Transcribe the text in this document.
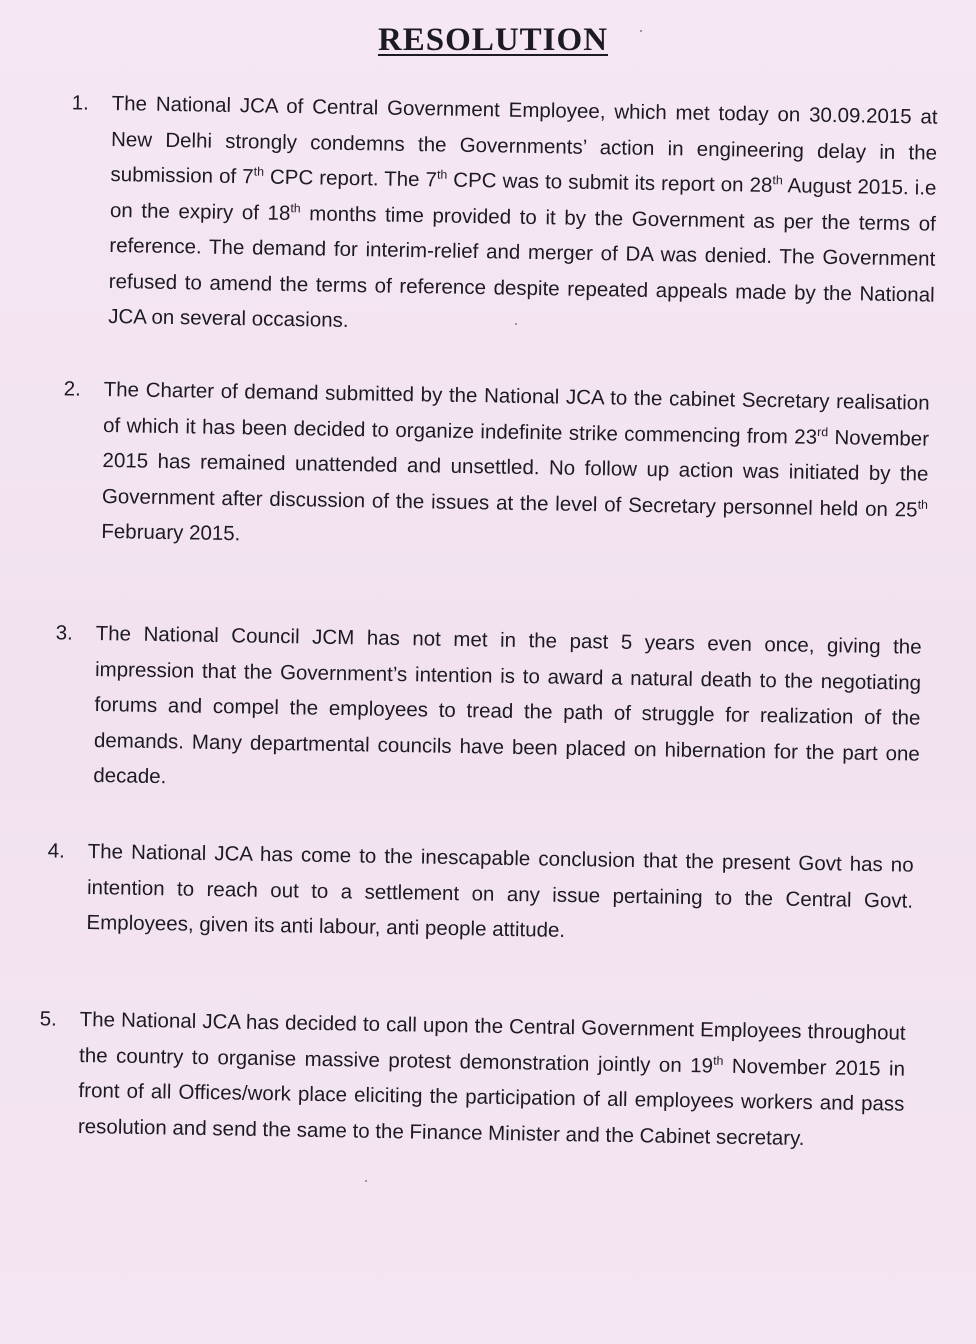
RESOLUTION
1. The National JCA of Central Government Employee, which met today on 30.09.2015 at New Delhi strongly condemns the Governments’ action in engineering delay in the submission of 7th CPC report. The 7th CPC was to submit its report on 28th August 2015. i.e on the expiry of 18th months time provided to it by the Government as per the terms of reference. The demand for interim-relief and merger of DA was denied. The Government refused to amend the terms of reference despite repeated appeals made by the National JCA on several occasions.
2. The Charter of demand submitted by the National JCA to the cabinet Secretary realisation of which it has been decided to organize indefinite strike commencing from 23rd November 2015 has remained unattended and unsettled. No follow up action was initiated by the Government after discussion of the issues at the level of Secretary personnel held on 25th February 2015.
3. The National Council JCM has not met in the past 5 years even once, giving the impression that the Government’s intention is to award a natural death to the negotiating forums and compel the employees to tread the path of struggle for realization of the demands. Many departmental councils have been placed on hibernation for the part one decade.
4. The National JCA has come to the inescapable conclusion that the present Govt has no intention to reach out to a settlement on any issue pertaining to the Central Govt. Employees, given its anti labour, anti people attitude.
5. The National JCA has decided to call upon the Central Government Employees throughout the country to organise massive protest demonstration jointly on 19th November 2015 in front of all Offices/work place eliciting the participation of all employees workers and pass resolution and send the same to the Finance Minister and the Cabinet secretary.
